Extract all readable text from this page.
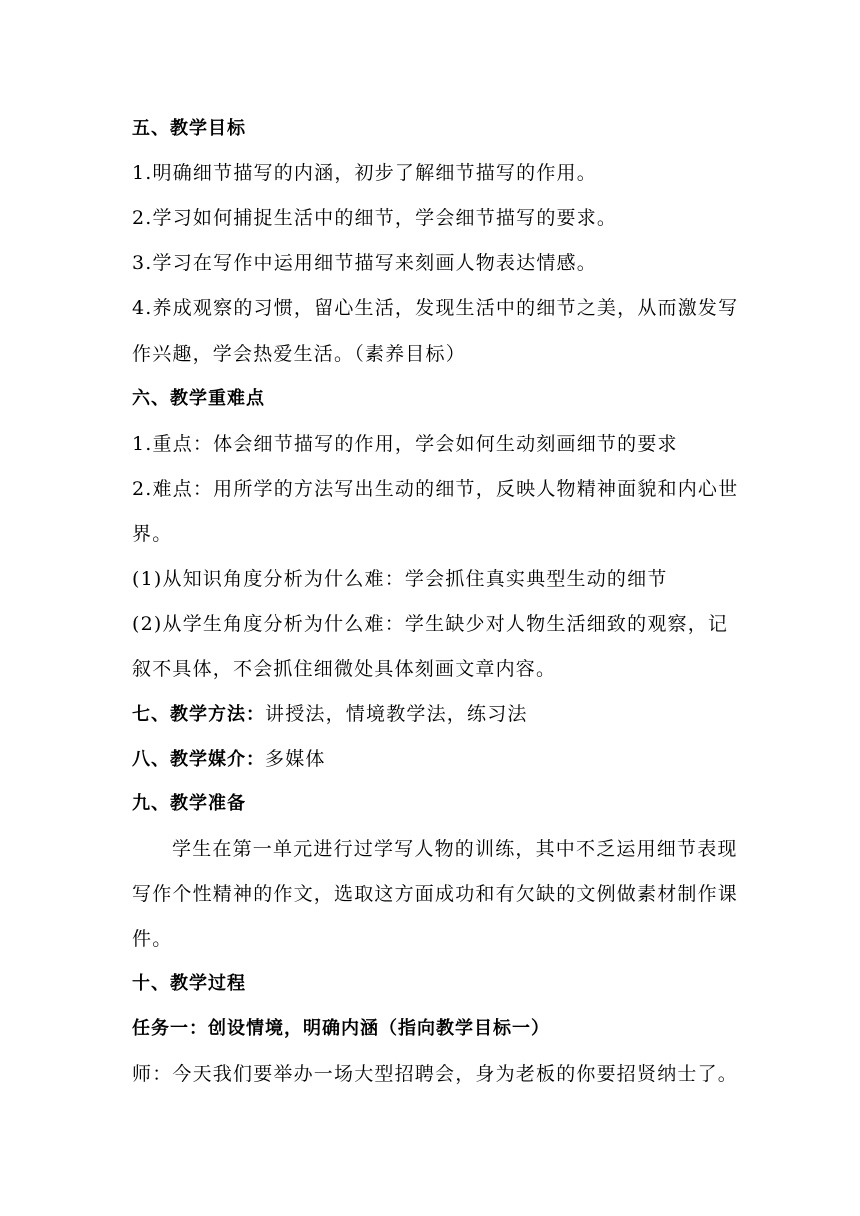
五、教学目标
1.明确细节描写的内涵，初步了解细节描写的作用。
2.学习如何捕捉生活中的细节，学会细节描写的要求。
3.学习在写作中运用细节描写来刻画人物表达情感。
4.养成观察的习惯，留心生活，发现生活中的细节之美，从而激发写
作兴趣，学会热爱生活。（素养目标）
六、教学重难点
1.重点：体会细节描写的作用，学会如何生动刻画细节的要求
2.难点：用所学的方法写出生动的细节，反映人物精神面貌和内心世
界。
(1)从知识角度分析为什么难：学会抓住真实典型生动的细节
(2)从学生角度分析为什么难：学生缺少对人物生活细致的观察，记
叙不具体，不会抓住细微处具体刻画文章内容。
七、教学方法：讲授法，情境教学法，练习法
八、教学媒介：多媒体
九、教学准备
学生在第一单元进行过学写人物的训练，其中不乏运用细节表现
写作个性精神的作文，选取这方面成功和有欠缺的文例做素材制作课
件。
十、教学过程
任务一：创设情境，明确内涵（指向教学目标一）
师：今天我们要举办一场大型招聘会，身为老板的你要招贤纳士了。
